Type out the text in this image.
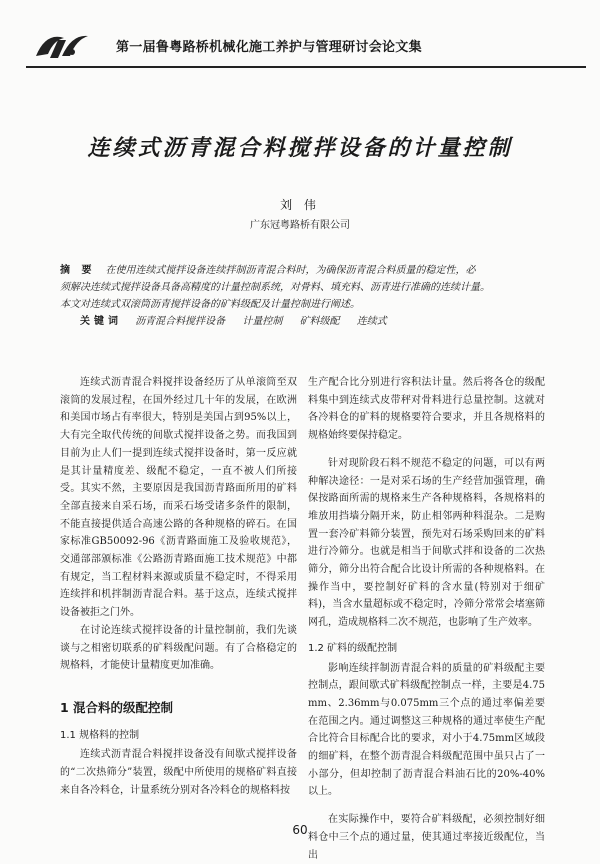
第一届鲁粤路桥机械化施工养护与管理研讨会论文集
连续式沥青混合料搅拌设备的计量控制
刘 伟
广东冠粤路桥有限公司
摘 要 在使用连续式搅拌设备连续拌制沥青混合料时，为确保沥青混合料质量的稳定性，必
须解决连续式搅拌设备具备高精度的计量控制系统，对骨料、填充料、沥青进行准确的连续计量。
本文对连续式双滚筒沥青搅拌设备的矿料级配及计量控制进行阐述。
关键词 沥青混合料搅拌设备 计量控制 矿料级配 连续式

连续式沥青混合料搅拌设备经历了从单滚筒至双滚筒的发展过程，在国外经过几十年的发展，在欧洲和美国市场占有率很大，特别是美国占到95%以上，大有完全取代传统的间歇式搅拌设备之势。而我国到目前为止人们一提到连续式搅拌设备时，第一反应就是其计量精度差、级配不稳定，一直不被人们所接受。其实不然，主要原因是我国沥青路面所用的矿料全部直接来自采石场，而采石场受诸多条件的限制，不能直接提供适合高速公路的各种规格的碎石。在国家标准GB50092-96《沥青路面施工及验收规范》，交通部部颁标准《公路沥青路面施工技术规范》中都有规定，当工程材料来源或质量不稳定时，不得采用连续拌和机拌制沥青混合料。基于这点，连续式搅拌设备被拒之门外。

在讨论连续式搅拌设备的计量控制前，我们先谈谈与之相密切联系的矿料级配问题。有了合格稳定的规格料，才能使计量精度更加准确。

1 混合料的级配控制
1.1 规格料的控制

连续式沥青混合料搅拌设备没有间歇式搅拌设备的“二次热筛分”装置，级配中所使用的规格矿料直接来自各冷料仓，计量系统分别对各冷料仓的规格料按

生产配合比分别进行容积法计量。然后将各仓的级配料集中到连续式皮带秤对骨料进行总量控制。这就对各冷料仓的矿料的规格要符合要求，并且各规格料的规格始终要保持稳定。

针对现阶段石料不规范不稳定的问题，可以有两种解决途径：一是对采石场的生产经营加强管理，确保按路面所需的规格来生产各种规格料，各规格料的堆放用挡墙分隔开来，防止相邻两种料混杂。二是购置一套冷矿料筛分装置，预先对石场采购回来的矿料进行冷筛分。也就是相当于间歇式拌和设备的二次热筛分，筛分出符合配合比设计所需的各种规格料。在操作当中，要控制好矿料的含水量(特别对于细矿料)，当含水量超标或不稳定时，冷筛分常常会堵塞筛网孔，造成规格料二次不规范，也影响了生产效率。

1.2 矿料的级配控制

影响连续拌制沥青混合料的质量的矿料级配主要控制点，跟间歇式矿料级配控制点一样，主要是4.75mm、2.36mm与0.075mm三个点的通过率偏差要在范围之内。通过调整这三种规格的通过率使生产配合比符合目标配合比的要求，对小于4.75mm区域段的细矿料，在整个沥青混合料级配范围中虽只占了一小部分，但却控制了沥青混合料油石比的20%-40%以上。

在实际操作中，要符合矿料级配，必须控制好细料仓中三个点的通过量，使其通过率接近级配位，当出

60
